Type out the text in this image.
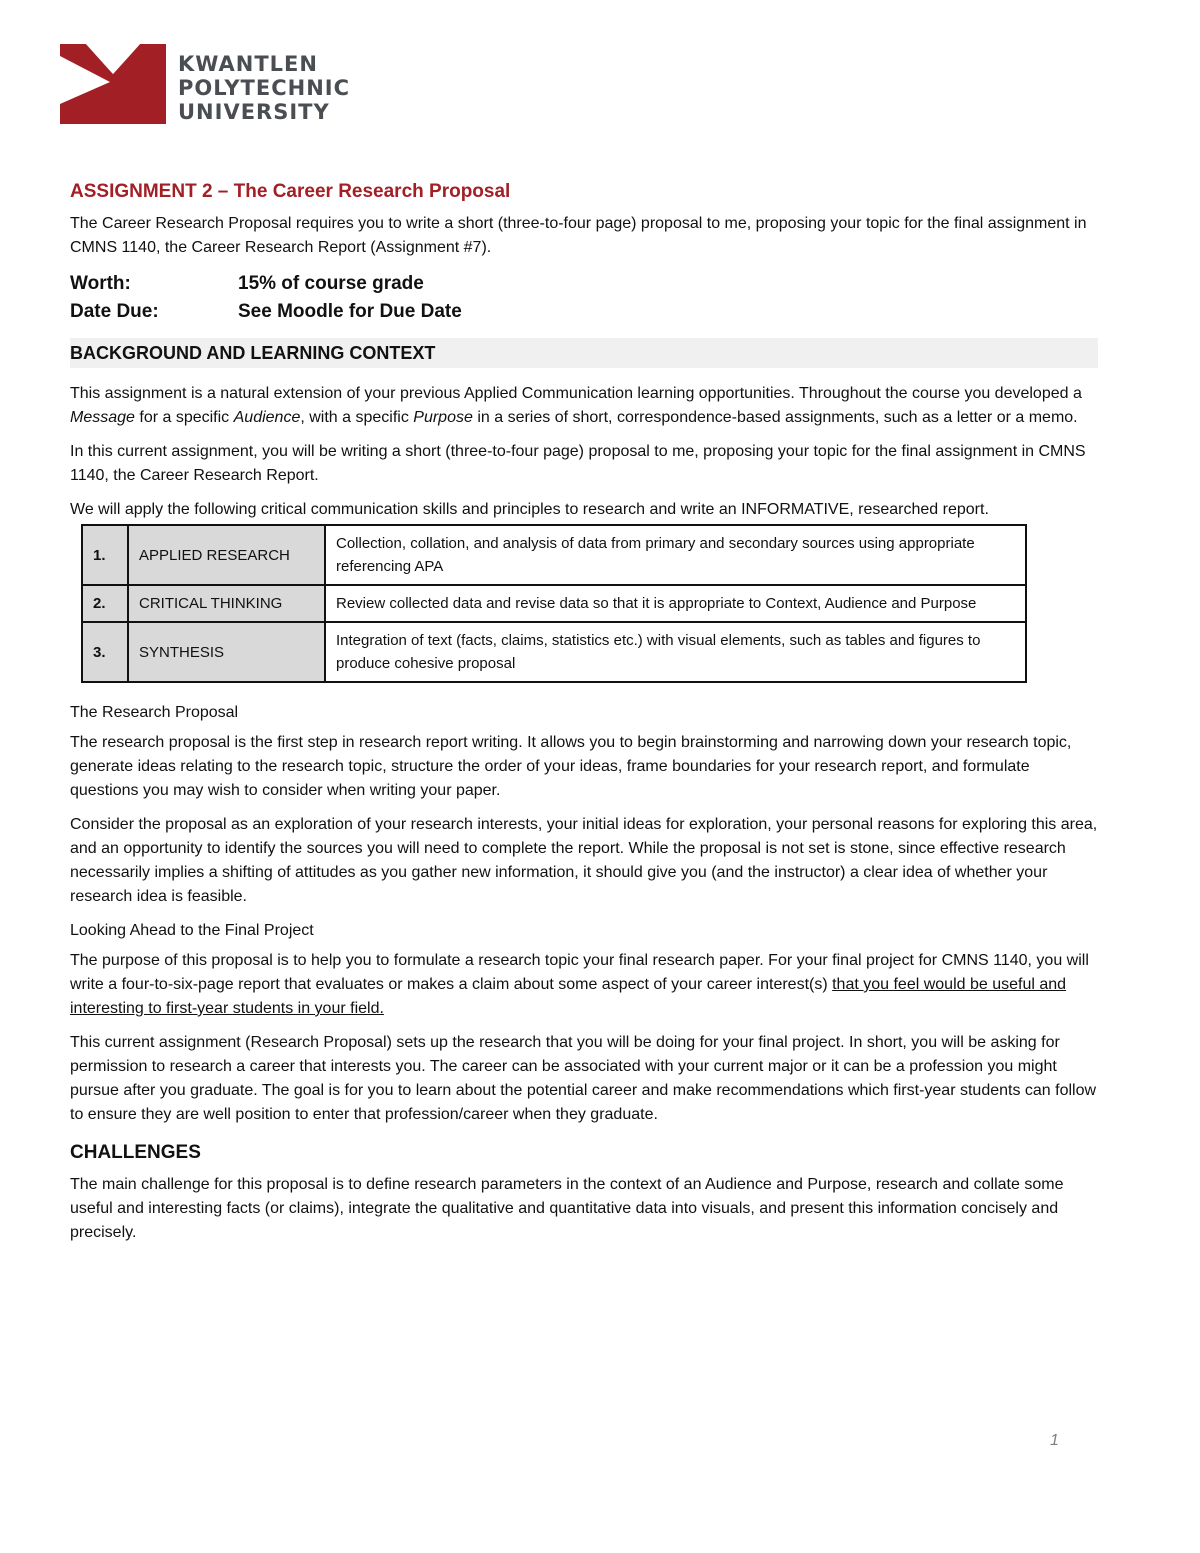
KWANTLEN
POLYTECHNIC
UNIVERSITY
ASSIGNMENT 2 – The Career Research Proposal

The Career Research Proposal requires you to write a short (three-to-four page) proposal to me, proposing your topic for the final assignment in CMNS 1140, the Career Research Report (Assignment #7).

Worth:	15% of course grade
Date Due:	See Moodle for Due Date
BACKGROUND AND LEARNING CONTEXT

This assignment is a natural extension of your previous Applied Communication learning opportunities. Throughout the course you developed a Message for a specific Audience, with a specific Purpose in a series of short, correspondence-based assignments, such as a letter or a memo.

In this current assignment, you will be writing a short (three-to-four page) proposal to me, proposing your topic for the final assignment in CMNS 1140, the Career Research Report.

We will apply the following critical communication skills and principles to research and write an INFORMATIVE, researched report.

1.	APPLIED RESEARCH	Collection, collation, and analysis of data from primary and secondary sources using appropriate referencing APA
2.	CRITICAL THINKING	Review collected data and revise data so that it is appropriate to Context, Audience and Purpose
3.	SYNTHESIS	Integration of text (facts, claims, statistics etc.) with visual elements, such as tables and figures to produce cohesive proposal
The Research Proposal

The research proposal is the first step in research report writing. It allows you to begin brainstorming and narrowing down your research topic, generate ideas relating to the research topic, structure the order of your ideas, frame boundaries for your research report, and formulate questions you may wish to consider when writing your paper.

Consider the proposal as an exploration of your research interests, your initial ideas for exploration, your personal reasons for exploring this area, and an opportunity to identify the sources you will need to complete the report. While the proposal is not set is stone, since effective research necessarily implies a shifting of attitudes as you gather new information, it should give you (and the instructor) a clear idea of whether your research idea is feasible.

Looking Ahead to the Final Project

The purpose of this proposal is to help you to formulate a research topic your final research paper. For your final project for CMNS 1140, you will write a four-to-six-page report that evaluates or makes a claim about some aspect of your career interest(s) that you feel would be useful and interesting to first-year students in your field.

This current assignment (Research Proposal) sets up the research that you will be doing for your final project. In short, you will be asking for permission to research a career that interests you. The career can be associated with your current major or it can be a profession you might pursue after you graduate. The goal is for you to learn about the potential career and make recommendations which first-year students can follow to ensure they are well position to enter that profession/career when they graduate.

CHALLENGES

The main challenge for this proposal is to define research parameters in the context of an Audience and Purpose, research and collate some useful and interesting facts (or claims), integrate the qualitative and quantitative data into visuals, and present this information concisely and precisely.

1
